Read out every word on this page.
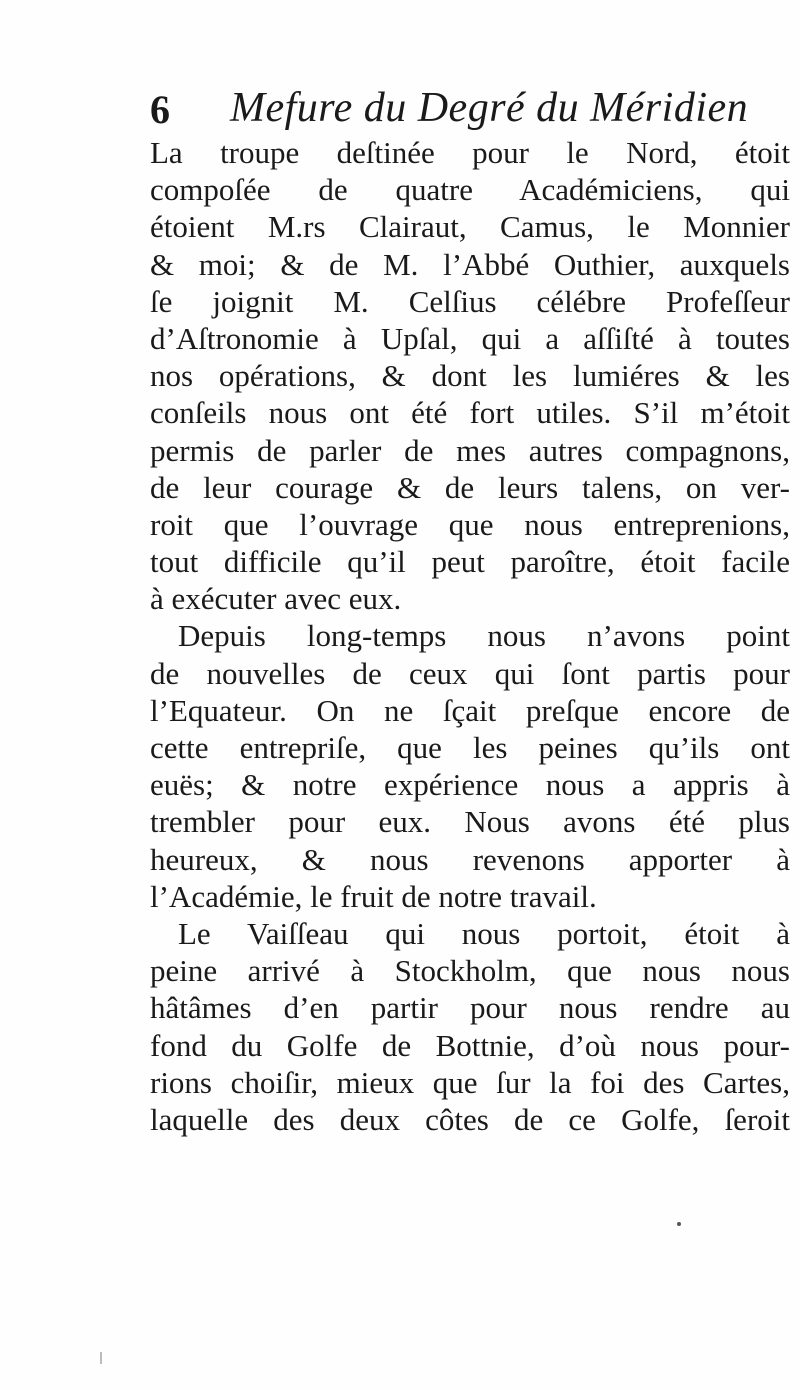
6 Mefure du Degré du Méridien
La troupe deſtinée pour le Nord, étoit
compoſée de quatre Académiciens, qui
étoient M.rs Clairaut, Camus, le Monnier
& moi; & de M. l’Abbé Outhier, auxquels
ſe joignit M. Celſius célébre Profeſſeur
d’Aſtronomie à Upſal, qui a aſſiſté à toutes
nos opérations, & dont les lumiéres & les
conſeils nous ont été fort utiles. S’il m’étoit
permis de parler de mes autres compagnons,
de leur courage & de leurs talens, on ver-
roit que l’ouvrage que nous entreprenions,
tout difficile qu’il peut paroître, étoit facile
à exécuter avec eux.
Depuis long-temps nous n’avons point
de nouvelles de ceux qui ſont partis pour
l’Equateur. On ne ſçait preſque encore de
cette entrepriſe, que les peines qu’ils ont
euës; & notre expérience nous a appris à
trembler pour eux. Nous avons été plus
heureux, & nous revenons apporter à
l’Académie, le fruit de notre travail.
Le Vaiſſeau qui nous portoit, étoit à
peine arrivé à Stockholm, que nous nous
hâtâmes d’en partir pour nous rendre au
fond du Golfe de Bottnie, d’où nous pour-
rions choiſir, mieux que ſur la foi des Cartes,
laquelle des deux côtes de ce Golfe, ſeroit
